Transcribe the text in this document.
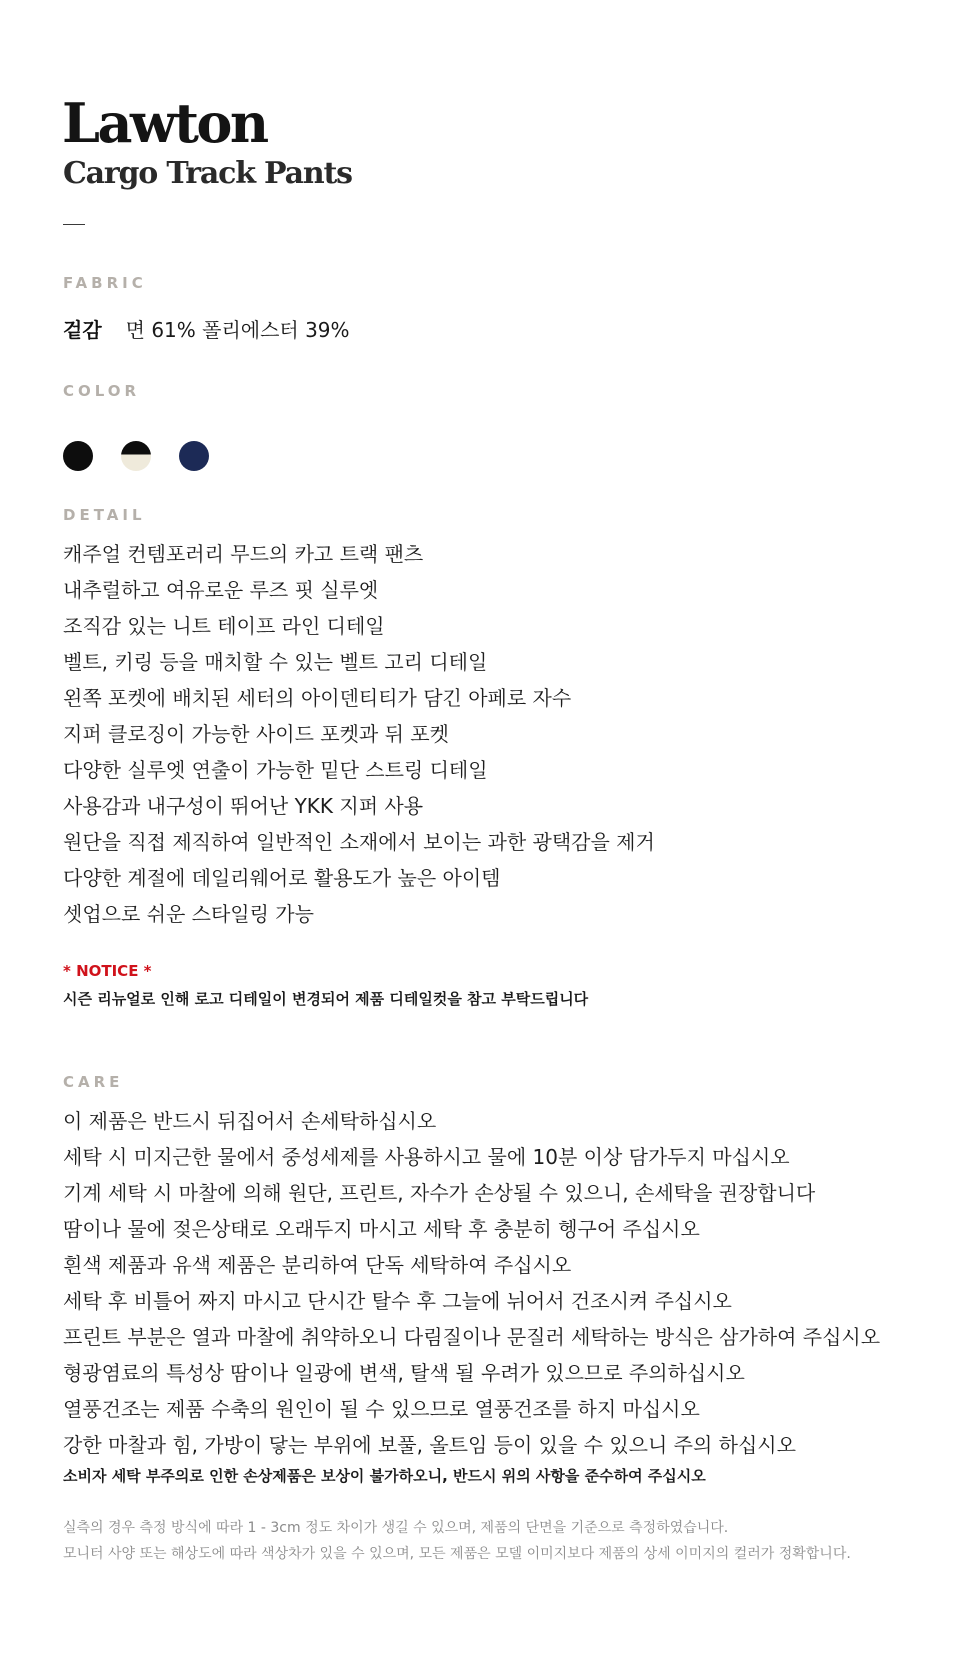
Lawton
Cargo Track Pants
FABRIC
겉감 면 61% 폴리에스터 39%
COLOR
DETAIL
캐주얼 컨템포러리 무드의 카고 트랙 팬츠
내추럴하고 여유로운 루즈 핏 실루엣
조직감 있는 니트 테이프 라인 디테일
벨트, 키링 등을 매치할 수 있는 벨트 고리 디테일
왼쪽 포켓에 배치된 세터의 아이덴티티가 담긴 아페로 자수
지퍼 클로징이 가능한 사이드 포켓과 뒤 포켓
다양한 실루엣 연출이 가능한 밑단 스트링 디테일
사용감과 내구성이 뛰어난 YKK 지퍼 사용
원단을 직접 제직하여 일반적인 소재에서 보이는 과한 광택감을 제거
다양한 계절에 데일리웨어로 활용도가 높은 아이템
셋업으로 쉬운 스타일링 가능
* NOTICE *
시즌 리뉴얼로 인해 로고 디테일이 변경되어 제품 디테일컷을 참고 부탁드립니다
CARE
이 제품은 반드시 뒤집어서 손세탁하십시오
세탁 시 미지근한 물에서 중성세제를 사용하시고 물에 10분 이상 담가두지 마십시오
기계 세탁 시 마찰에 의해 원단, 프린트, 자수가 손상될 수 있으니, 손세탁을 권장합니다
땀이나 물에 젖은상태로 오래두지 마시고 세탁 후 충분히 헹구어 주십시오
흰색 제품과 유색 제품은 분리하여 단독 세탁하여 주십시오
세탁 후 비틀어 짜지 마시고 단시간 탈수 후 그늘에 뉘어서 건조시켜 주십시오
프린트 부분은 열과 마찰에 취약하오니 다림질이나 문질러 세탁하는 방식은 삼가하여 주십시오
형광염료의 특성상 땀이나 일광에 변색, 탈색 될 우려가 있으므로 주의하십시오
열풍건조는 제품 수축의 원인이 될 수 있으므로 열풍건조를 하지 마십시오
강한 마찰과 힘, 가방이 닿는 부위에 보풀, 올트임 등이 있을 수 있으니 주의 하십시오
소비자 세탁 부주의로 인한 손상제품은 보상이 불가하오니, 반드시 위의 사항을 준수하여 주십시오
실측의 경우 측정 방식에 따라 1 - 3cm 정도 차이가 생길 수 있으며, 제품의 단면을 기준으로 측정하였습니다.
모니터 사양 또는 해상도에 따라 색상차가 있을 수 있으며, 모든 제품은 모델 이미지보다 제품의 상세 이미지의 컬러가 정확합니다.
